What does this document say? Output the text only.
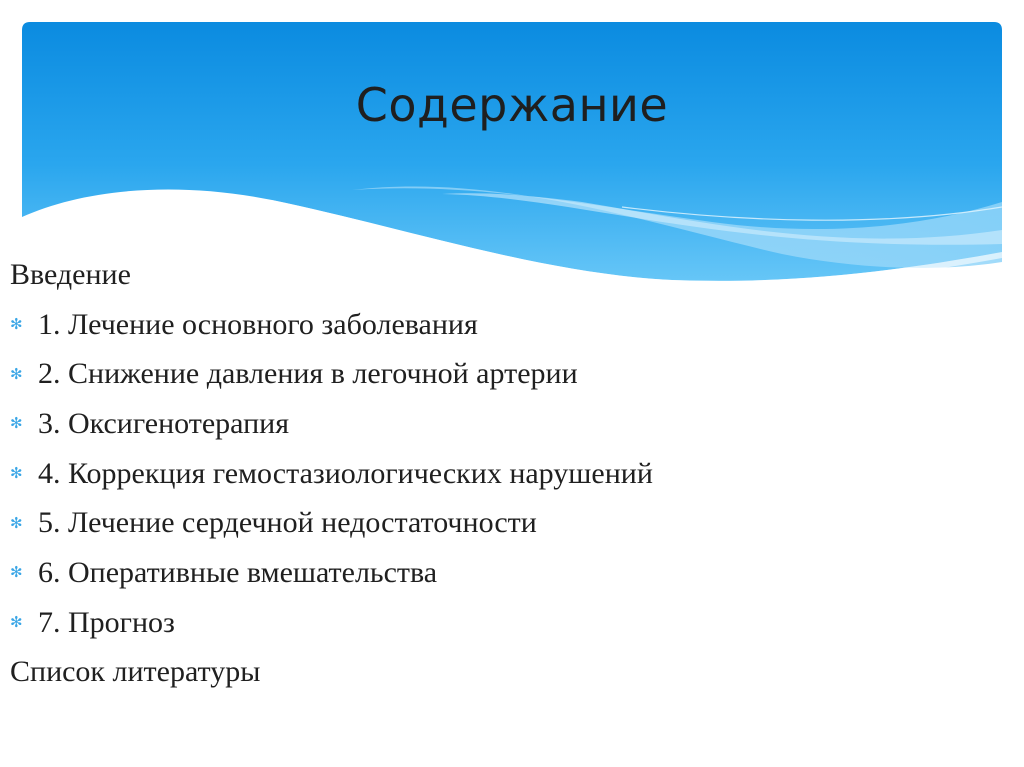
Содержание
Введение
✻ 1. Лечение основного заболевания
✻ 2. Снижение давления в легочной артерии
✻ 3. Оксигенотерапия
✻ 4. Коррекция гемостазиологических нарушений
✻ 5. Лечение сердечной недостаточности
✻ 6. Оперативные вмешательства
✻ 7. Прогноз
Список литературы
